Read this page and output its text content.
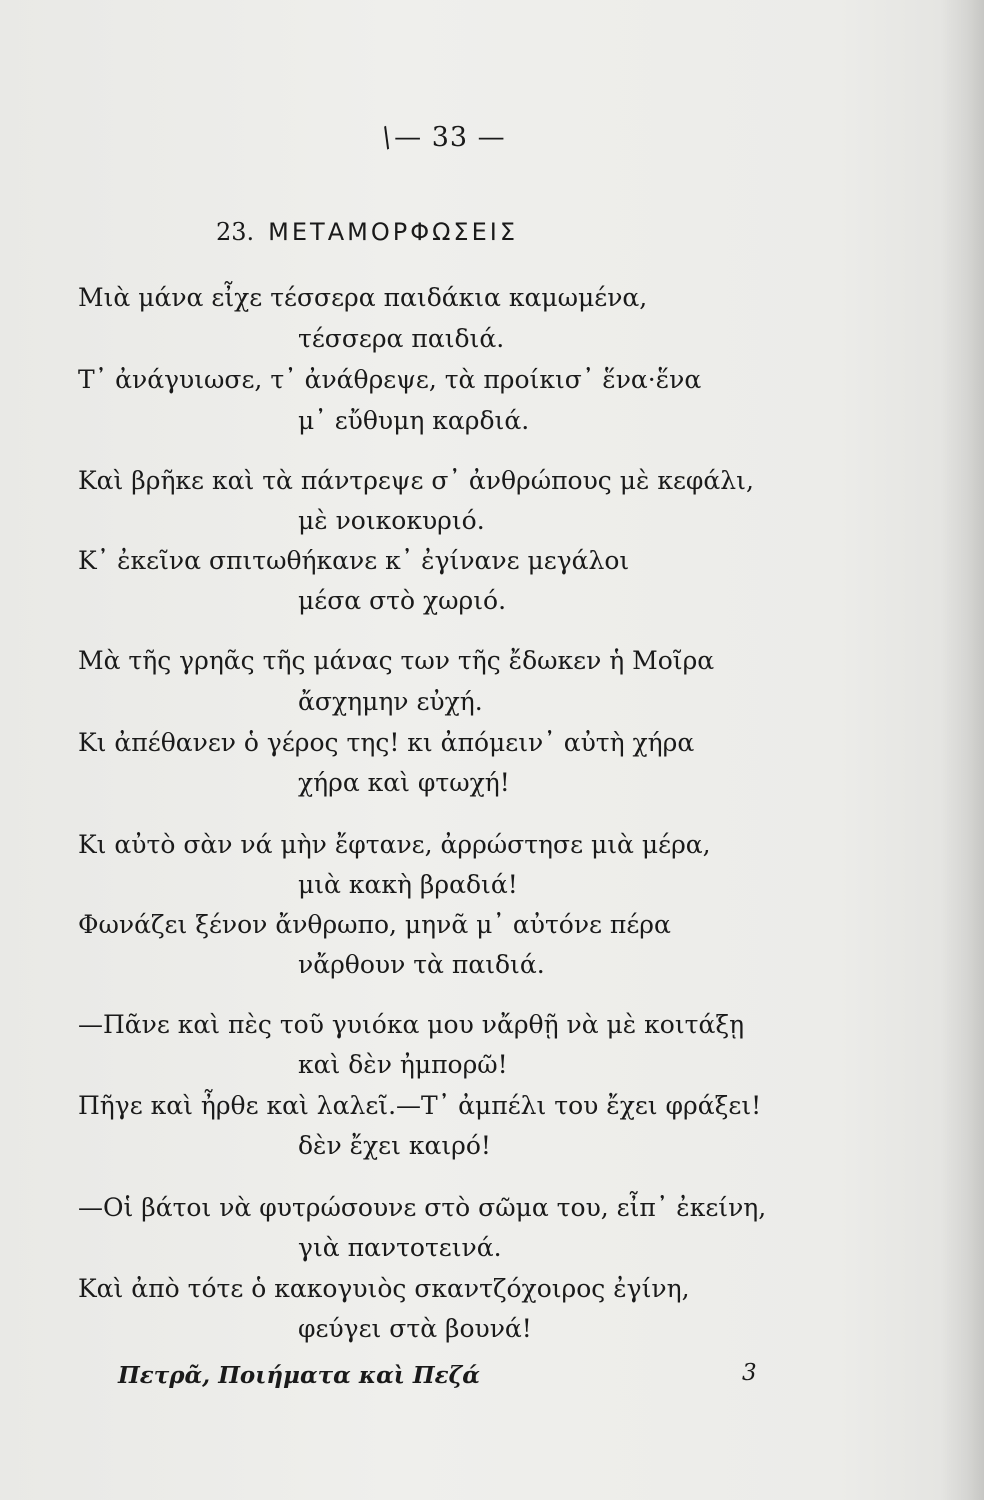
/— 33 —
23. ΜΕΤΑΜΟΡΦΩΣΕΙΣ
Μιὰ μάνα εἶχε τέσσερα παιδάκια καμωμένα,
τέσσερα παιδιά.
Τ᾽ ἀνάγυιωσε, τ᾽ ἀνάθρεψε, τὰ προίκισ᾽ ἕνα·ἕνα
μ᾽ εὔθυμη καρδιά.
Καὶ βρῆκε καὶ τὰ πάντρεψε σ᾽ ἀνθρώπους μὲ κεφάλι,
μὲ νοικοκυριό.
Κ᾽ ἐκεῖνα σπιτωθήκανε κ᾽ ἐγίνανε μεγάλοι
μέσα στὸ χωριό.
Μὰ τῆς γρηᾶς τῆς μάνας των τῆς ἔδωκεν ἡ Μοῖρα
ἄσχημην εὐχή.
Κι ἀπέθανεν ὁ γέρος της! κι ἀπόμειν᾽ αὐτὴ χήρα
χήρα καὶ φτωχή!
Κι αὐτὸ σὰν νά μὴν ἔφτανε, ἀρρώστησε μιὰ μέρα,
μιὰ κακὴ βραδιά!
Φωνάζει ξένον ἄνθρωπο, μηνᾶ μ᾽ αὐτόνε πέρα
νἄρθουν τὰ παιδιά.
—Πᾶνε καὶ πὲς τοῦ γυιόκα μου νἄρθῇ νὰ μὲ κοιτάξῃ
καὶ δὲν ἠμπορῶ!
Πῆγε καὶ ἦρθε καὶ λαλεῖ.—Τ᾽ ἀμπέλι του ἔχει φράξει!
δὲν ἔχει καιρό!
—Οἱ βάτοι νὰ φυτρώσουνε στὸ σῶμα του, εἶπ᾽ ἐκείνη,
γιὰ παντοτεινά.
Καὶ ἀπὸ τότε ὁ κακογυιὸς σκαντζόχοιρος ἐγίνη,
φεύγει στὰ βουνά!
Πετρᾶ, Ποιήματα καὶ Πεζά	3
